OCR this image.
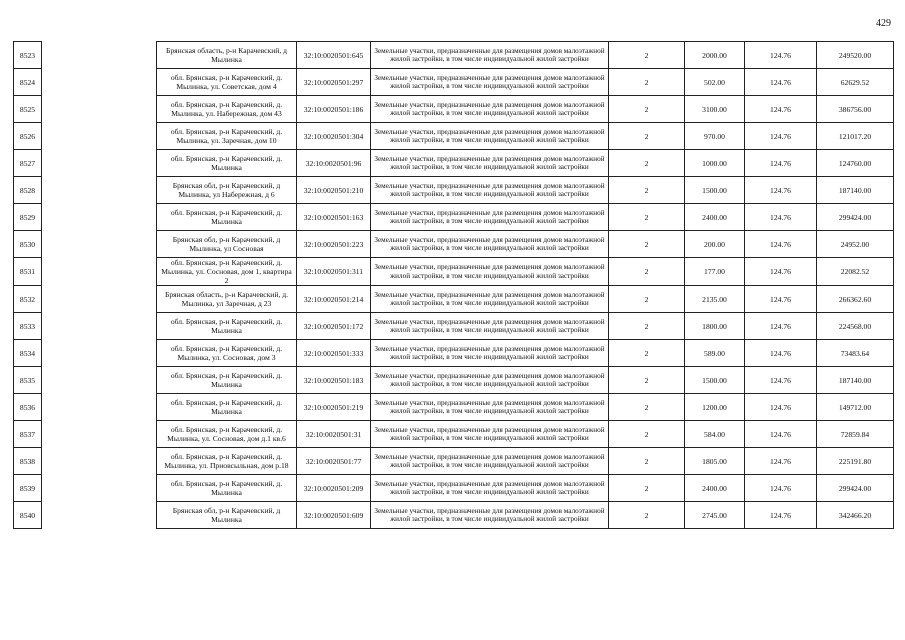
429
8523		Брянская область, р-н Карачевский, д Мылинка	32:10:0020501:645	Земельные участки, предназначенные для размещения домов малоэтажной жилой застройки, в том числе индивидуальной жилой застройки	2	2000.00	124.76	249520.00
8524		обл. Брянская, р-н Карачевский, д. Мылинка, ул. Советская, дом 4	32:10:0020501:297	Земельные участки, предназначенные для размещения домов малоэтажной жилой застройки, в том числе индивидуальной жилой застройки	2	502.00	124.76	62629.52
8525		обл. Брянская, р-н Карачевский, д. Мылинка, ул. Набережная, дом 43	32:10:0020501:186	Земельные участки, предназначенные для размещения домов малоэтажной жилой застройки, в том числе индивидуальной жилой застройки	2	3100.00	124.76	386756.00
8526		обл. Брянская, р-н Карачевский, д. Мылинка, ул. Заречная, дом 10	32:10:0020501:304	Земельные участки, предназначенные для размещения домов малоэтажной жилой застройки, в том числе индивидуальной жилой застройки	2	970.00	124.76	121017.20
8527		обл. Брянская, р-н Карачевский, д. Мылинка	32:10:0020501:96	Земельные участки, предназначенные для размещения домов малоэтажной жилой застройки, в том числе индивидуальной жилой застройки	2	1000.00	124.76	124760.00
8528		Брянская обл, р-н Карачевский, д Мылинка, ул Набережная, д 6	32:10:0020501:210	Земельные участки, предназначенные для размещения домов малоэтажной жилой застройки, в том числе индивидуальной жилой застройки	2	1500.00	124.76	187140.00
8529		обл. Брянская, р-н Карачевский, д. Мылинка	32:10:0020501:163	Земельные участки, предназначенные для размещения домов малоэтажной жилой застройки, в том числе индивидуальной жилой застройки	2	2400.00	124.76	299424.00
8530		Брянская обл, р-н Карачевский, д Мылинка, ул Сосновая	32:10:0020501:223	Земельные участки, предназначенные для размещения домов малоэтажной жилой застройки, в том числе индивидуальной жилой застройки	2	200.00	124.76	24952.00
8531		обл. Брянская, р-н Карачевский, д. Мылинка, ул. Сосновая, дом 1, квартира 2	32:10:0020501:311	Земельные участки, предназначенные для размещения домов малоэтажной жилой застройки, в том числе индивидуальной жилой застройки	2	177.00	124.76	22082.52
8532		Брянская область, р-н Карачевский, д. Мылинка, ул Заречная, д 23	32:10:0020501:214	Земельные участки, предназначенные для размещения домов малоэтажной жилой застройки, в том числе индивидуальной жилой застройки	2	2135.00	124.76	266362.60
8533		обл. Брянская, р-н Карачевский, д. Мылинка	32:10:0020501:172	Земельные участки, предназначенные для размещения домов малоэтажной жилой застройки, в том числе индивидуальной жилой застройки	2	1800.00	124.76	224568.00
8534		обл. Брянская, р-н Карачевский, д. Мылинка, ул. Сосновая, дом 3	32:10:0020501:333	Земельные участки, предназначенные для размещения домов малоэтажной жилой застройки, в том числе индивидуальной жилой застройки	2	589.00	124.76	73483.64
8535		обл. Брянская, р-н Карачевский, д. Мылинка	32:10:0020501:183	Земельные участки, предназначенные для размещения домов малоэтажной жилой застройки, в том числе индивидуальной жилой застройки	2	1500.00	124.76	187140.00
8536		обл. Брянская, р-н Карачевский, д. Мылинка	32:10:0020501:219	Земельные участки, предназначенные для размещения домов малоэтажной жилой застройки, в том числе индивидуальной жилой застройки	2	1200.00	124.76	149712.00
8537		обл. Брянская, р-н Карачевский, д. Мылинка, ул. Сосновая, дом д.1 кв.6	32:10:0020501:31	Земельные участки, предназначенные для размещения домов малоэтажной жилой застройки, в том числе индивидуальной жилой застройки	2	584.00	124.76	72859.84
8538		обл. Брянская, р-н Карачевский, д. Мылинка, ул. Приовсыльная, дом р.18	32:10:0020501:77	Земельные участки, предназначенные для размещения домов малоэтажной жилой застройки, в том числе индивидуальной жилой застройки	2	1805.00	124.76	225191.80
8539		обл. Брянская, р-н Карачевский, д. Мылинка	32:10:0020501:209	Земельные участки, предназначенные для размещения домов малоэтажной жилой застройки, в том числе индивидуальной жилой застройки	2	2400.00	124.76	299424.00
8540		Брянская обл, р-н Карачевский, д Мылинка	32:10:0020501:609	Земельные участки, предназначенные для размещения домов малоэтажной жилой застройки, в том числе индивидуальной жилой застройки	2	2745.00	124.76	342466.20
